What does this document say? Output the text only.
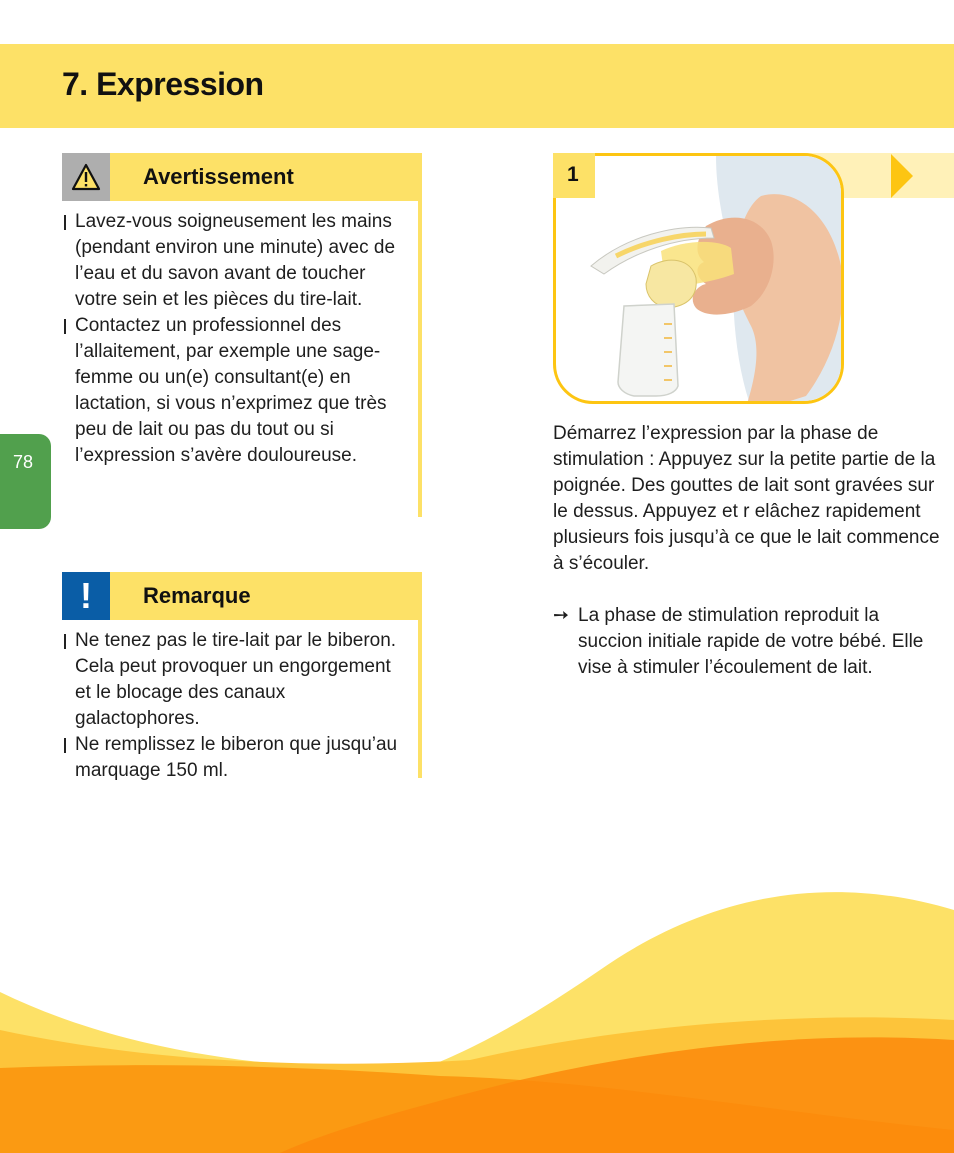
7. Expression
78
Avertissement
Lavez-vous soigneusement les mains (pendant environ une minute) avec de l’eau et du savon avant de toucher votre sein et les pièces du tire-lait.
Contactez un professionnel des l’allaitement, par exemple une sage-femme ou un(e) consultant(e) en lactation, si vous n’exprimez que très peu de lait ou pas du tout ou si l’expression s’avère douloureuse.
!	Remarque
Ne tenez pas le tire-lait par le biberon. Cela peut provoquer un engorgement et le blocage des canaux galactophores.
Ne remplissez le biberon que jusqu’au marquage 150 ml.
1

Démarrez l’expression par la phase de stimulation : Appuyez sur la petite partie de la poignée. Des gouttes de lait sont gravées sur le dessus. Appuyez et r elâchez rapidement plusieurs fois jusqu’à ce que le lait commence à s’écouler.

➙ La phase de stimulation reproduit la succion initiale rapide de votre bébé. Elle vise à stimuler l’écoulement de lait.
